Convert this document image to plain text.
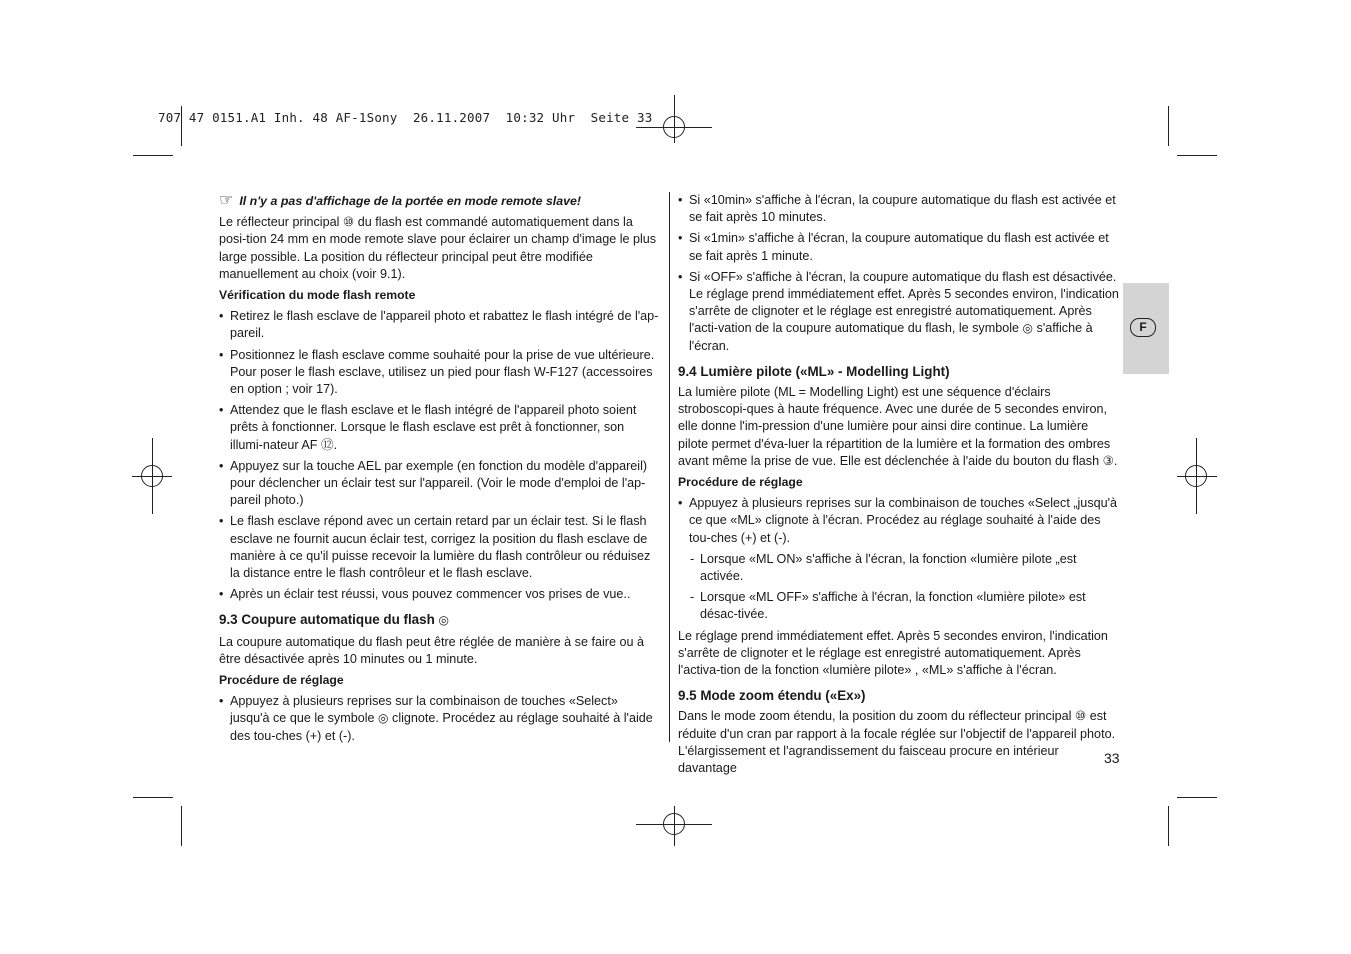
707 47 0151.A1 Inh. 48 AF-1Sony  26.11.2007  10:32 Uhr  Seite 33

☞ Il n'y a pas d'affichage de la portée en mode remote slave!

Le réflecteur principal ⑩ du flash est commandé automatiquement dans la posi-tion 24 mm en mode remote slave pour éclairer un champ d'image le plus large possible. La position du réflecteur principal peut être modifiée manuellement au choix (voir 9.1).

Vérification du mode flash remote

• Retirez le flash esclave de l'appareil photo et rabattez le flash intégré de l'ap-pareil.

• Positionnez le flash esclave comme souhaité pour la prise de vue ultérieure. Pour poser le flash esclave, utilisez un pied pour flash W-F127 (accessoires en option ; voir 17).

• Attendez que le flash esclave et le flash intégré de l'appareil photo soient prêts à fonctionner. Lorsque le flash esclave est prêt à fonctionner, son illumi-nateur AF ⑫.

• Appuyez sur la touche AEL par exemple (en fonction du modèle d'appareil) pour déclencher un éclair test sur l'appareil. (Voir le mode d'emploi de l'ap-pareil photo.)

• Le flash esclave répond avec un certain retard par un éclair test. Si le flash esclave ne fournit aucun éclair test, corrigez la position du flash esclave de manière à ce qu'il puisse recevoir la lumière du flash contrôleur ou réduisez la distance entre le flash contrôleur et le flash esclave.

• Après un éclair test réussi, vous pouvez commencer vos prises de vue..

9.3 Coupure automatique du flash ◎

La coupure automatique du flash peut être réglée de manière à se faire ou à être désactivée après 10 minutes ou 1 minute.

Procédure de réglage

• Appuyez à plusieurs reprises sur la combinaison de touches «Select» jusqu'à ce que le symbole ◎ clignote. Procédez au réglage souhaité à l'aide des tou-ches (+) et (-).

• Si «10min» s'affiche à l'écran, la coupure automatique du flash est activée et se fait après 10 minutes.

• Si «1min» s'affiche à l'écran, la coupure automatique du flash est activée et se fait après 1 minute.

• Si «OFF» s'affiche à l'écran, la coupure automatique du flash est désactivée. Le réglage prend immédiatement effet. Après 5 secondes environ, l'indication s'arrête de clignoter et le réglage est enregistré automatiquement. Après l'acti-vation de la coupure automatique du flash, le symbole ◎ s'affiche à l'écran.

9.4 Lumière pilote («ML» - Modelling Light)

La lumière pilote (ML = Modelling Light) est une séquence d'éclairs stroboscopi-ques à haute fréquence. Avec une durée de 5 secondes environ, elle donne l'im-pression d'une lumière pour ainsi dire continue. La lumière pilote permet d'éva-luer la répartition de la lumière et la formation des ombres avant même la prise de vue. Elle est déclenchée à l'aide du bouton du flash ③.

Procédure de réglage

• Appuyez à plusieurs reprises sur la combinaison de touches «Select „jusqu'à ce que «ML» clignote à l'écran. Procédez au réglage souhaité à l'aide des tou-ches (+) et (-).

- Lorsque «ML ON» s'affiche à l'écran, la fonction «lumière pilote „est activée.

- Lorsque «ML OFF» s'affiche à l'écran, la fonction «lumière pilote» est désac-tivée.

Le réglage prend immédiatement effet. Après 5 secondes environ, l'indication s'arrête de clignoter et le réglage est enregistré automatiquement. Après l'activa-tion de la fonction «lumière pilote» , «ML» s'affiche à l'écran.

9.5 Mode zoom étendu («Ex»)

Dans le mode zoom étendu, la position du zoom du réflecteur principal ⑩ est réduite d'un cran par rapport à la focale réglée sur l'objectif de l'appareil photo. L'élargissement et l'agrandissement du faisceau procure en intérieur davantage

F
33
